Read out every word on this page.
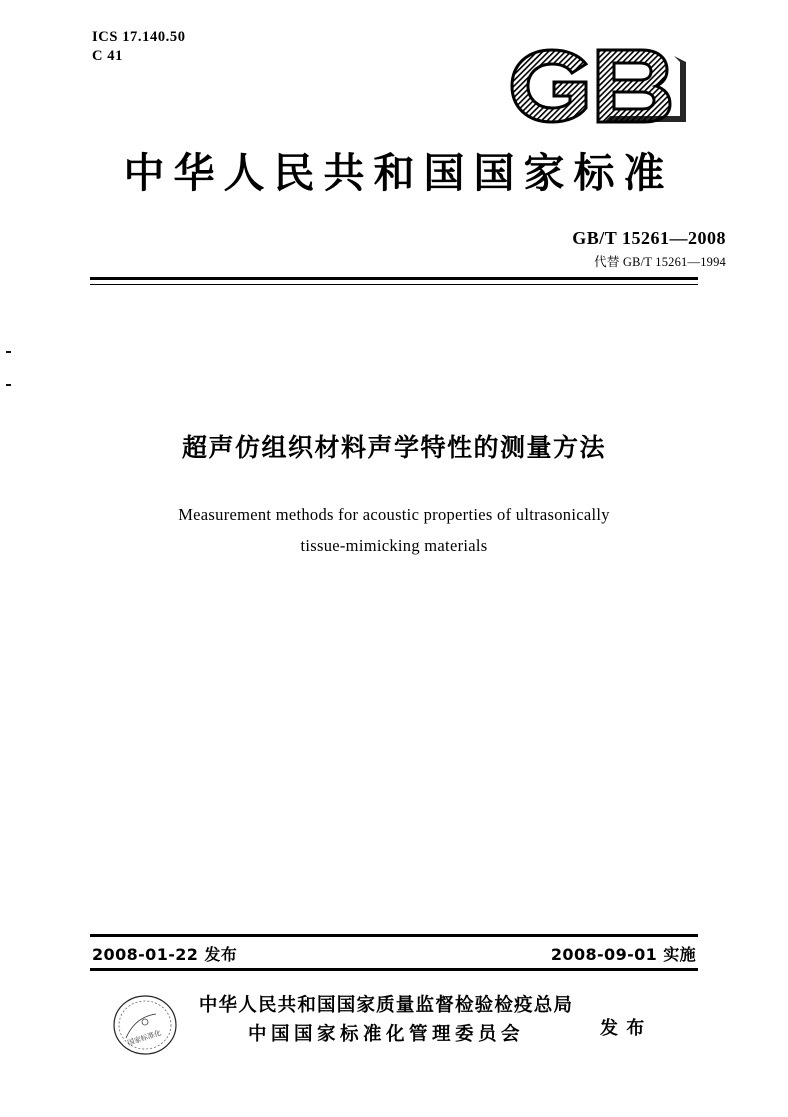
ICS 17.140.50
C 41
中华人民共和国国家标准
GB/T 15261—2008
代替 GB/T 15261—1994
超声仿组织材料声学特性的测量方法
Measurement methods for acoustic properties of ultrasonically
tissue-mimicking materials
2008-01-22 发布	2008-09-01 实施
国家标准化
中华人民共和国国家质量监督检验检疫总局
中国国家标准化管理委员会	发 布
